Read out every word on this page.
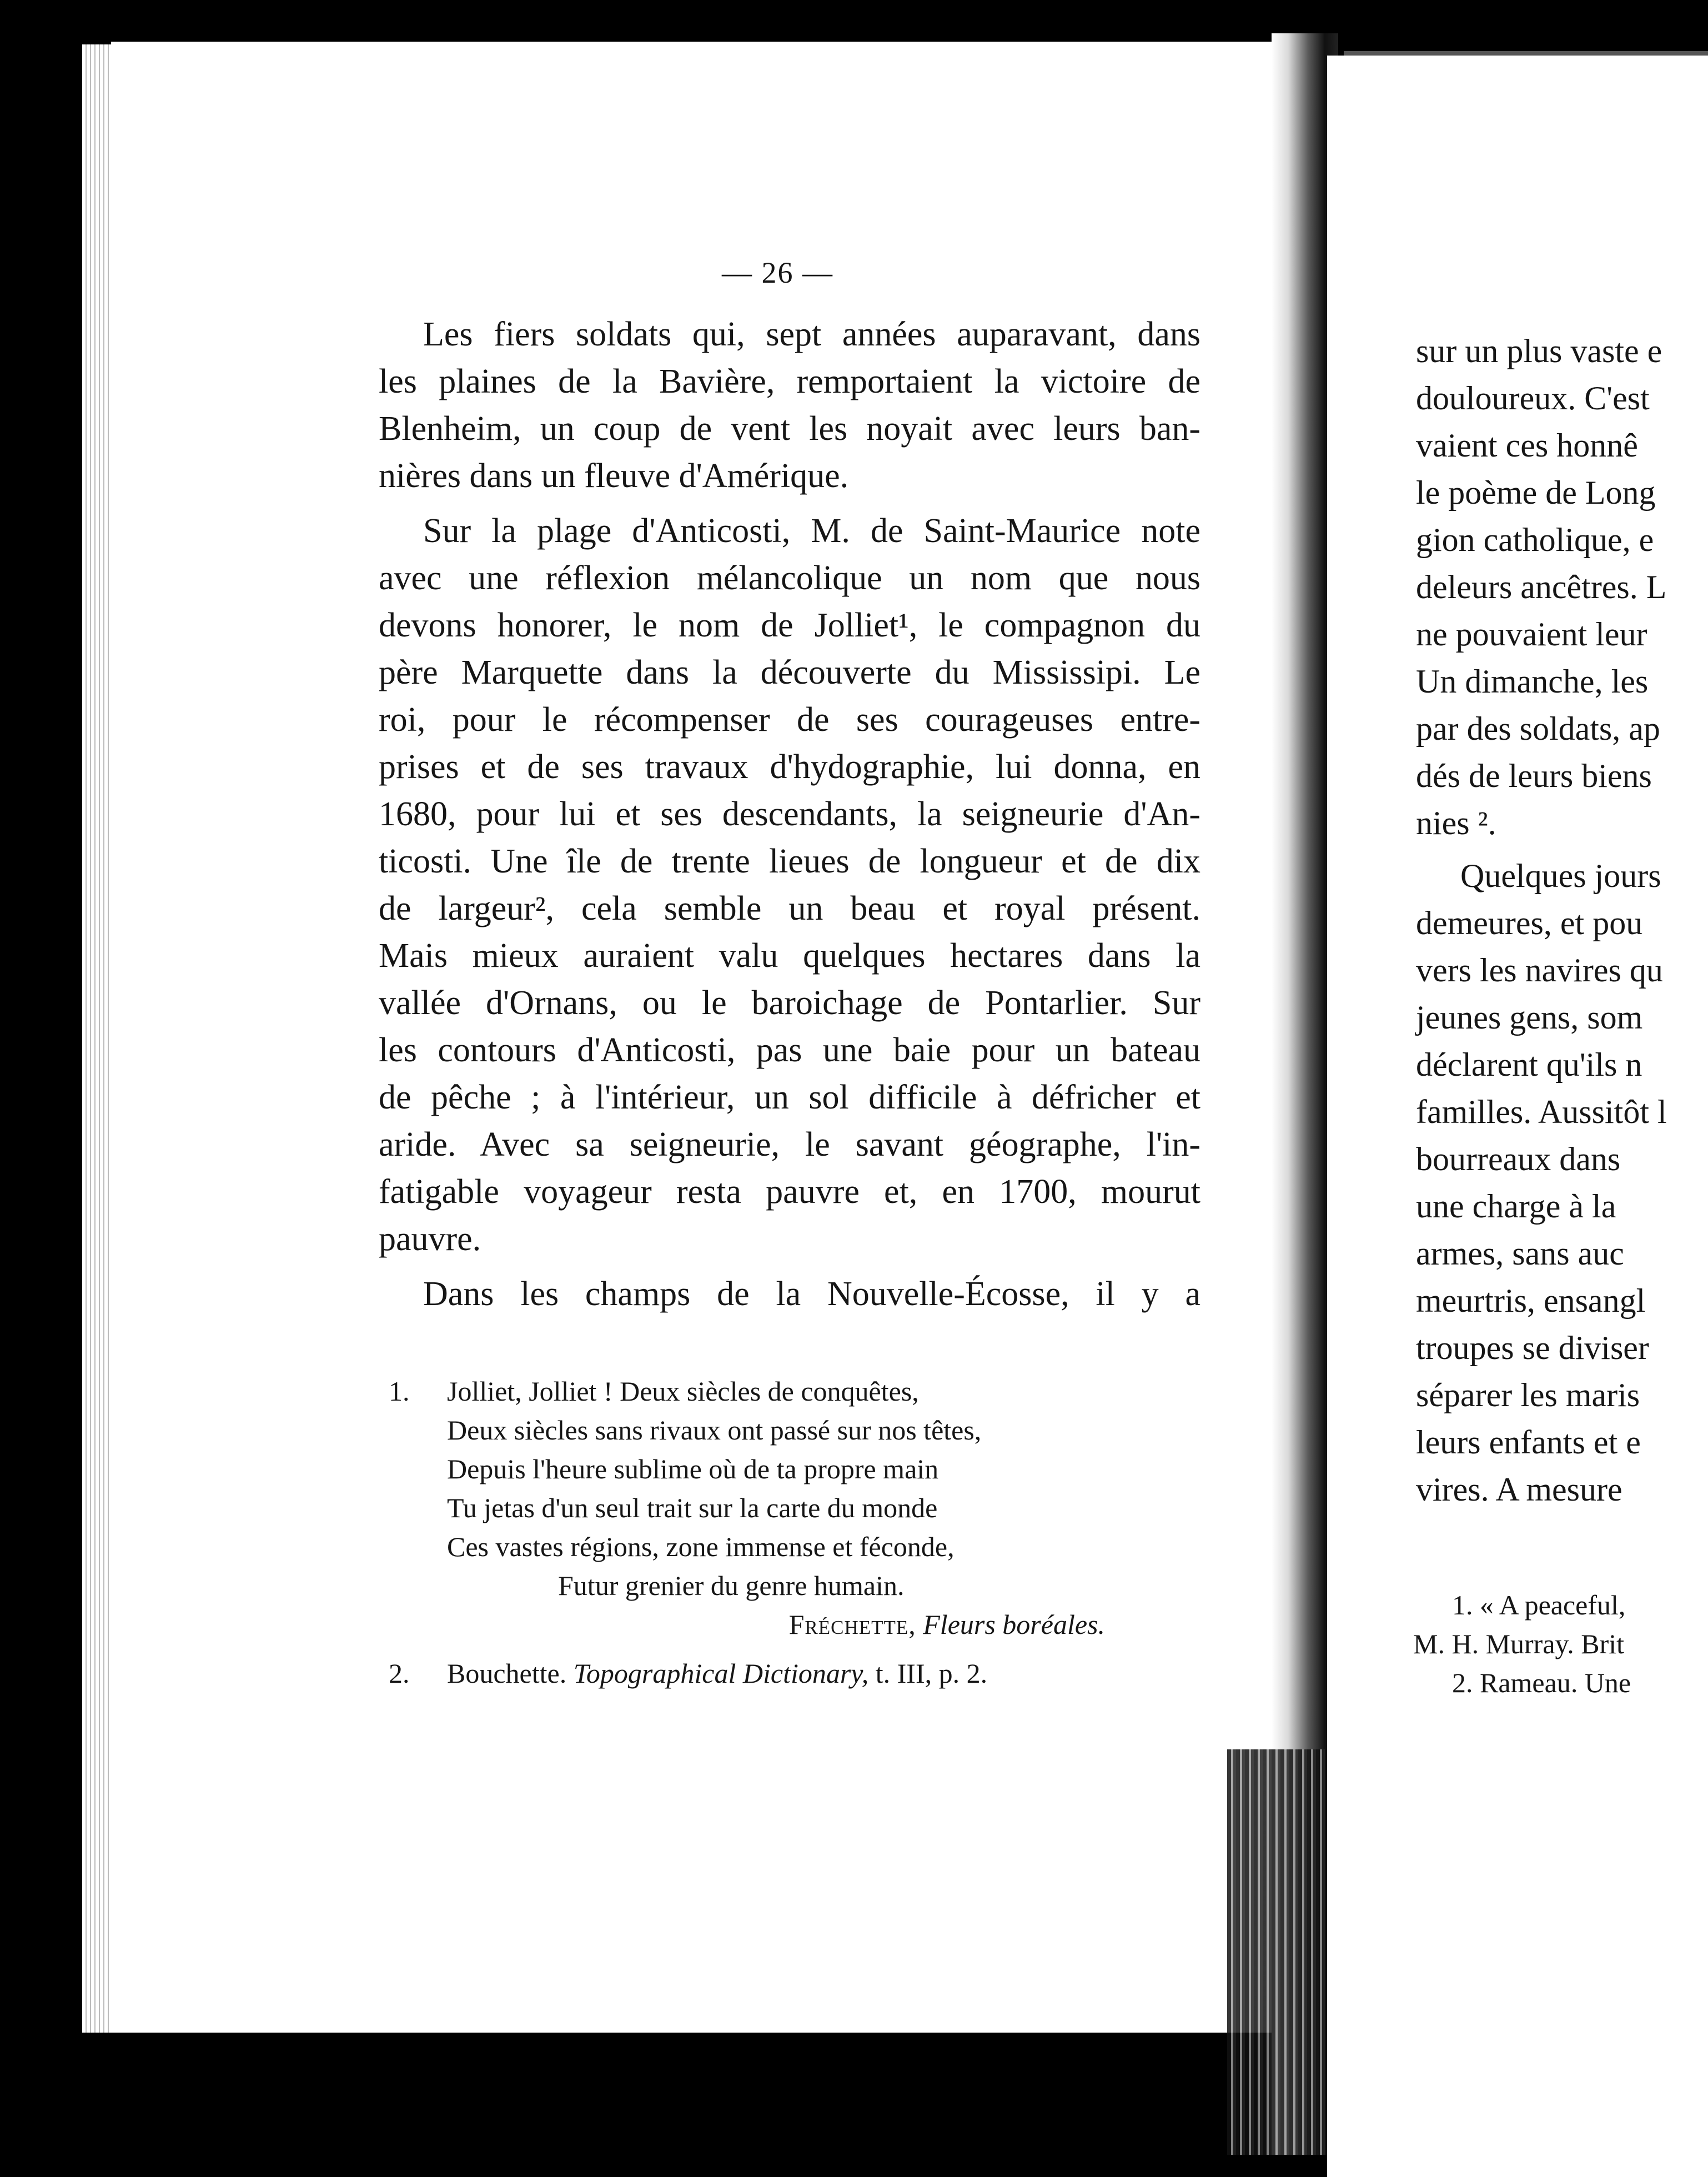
— 26 —
Les fiers soldats qui, sept années auparavant, dans
les plaines de la Bavière, remportaient la victoire de
Blenheim, un coup de vent les noyait avec leurs ban-
nières dans un fleuve d'Amérique.
Sur la plage d'Anticosti, M. de Saint-Maurice note
avec une réflexion mélancolique un nom que nous
devons honorer, le nom de Jolliet¹, le compagnon du
père Marquette dans la découverte du Mississipi. Le
roi, pour le récompenser de ses courageuses entre-
prises et de ses travaux d'hydographie, lui donna, en
1680, pour lui et ses descendants, la seigneurie d'An-
ticosti. Une île de trente lieues de longueur et de dix
de largeur², cela semble un beau et royal présent.
Mais mieux auraient valu quelques hectares dans la
vallée d'Ornans, ou le baroichage de Pontarlier. Sur
les contours d'Anticosti, pas une baie pour un bateau
de pêche ; à l'intérieur, un sol difficile à défricher et
aride. Avec sa seigneurie, le savant géographe, l'in-
fatigable voyageur resta pauvre et, en 1700, mourut
pauvre.
Dans les champs de la Nouvelle-Écosse, il y a
1. Jolliet, Jolliet ! Deux siècles de conquêtes,
Deux siècles sans rivaux ont passé sur nos têtes,
Depuis l'heure sublime où de ta propre main
Tu jetas d'un seul trait sur la carte du monde
Ces vastes régions, zone immense et féconde,
Futur grenier du genre humain.
Fréchette, Fleurs boréales.
2. Bouchette. Topographical Dictionary, t. III, p. 2.
sur un plus vaste e
douloureux. C'est
vaient ces honnê
le poème de Long
gion catholique, e
deleurs ancêtres. L
ne pouvaient leur
Un dimanche, les
par des soldats, ap
dés de leurs biens
nies ².
Quelques jours
demeures, et pou
vers les navires qu
jeunes gens, som
déclarent qu'ils n
familles. Aussitôt l
bourreaux dans
une charge à la
armes, sans auc
meurtris, ensangl
troupes se diviser
séparer les maris
leurs enfants et e
vires. A mesure
1. « A peaceful,
M. H. Murray. Brit
2. Rameau. Une
